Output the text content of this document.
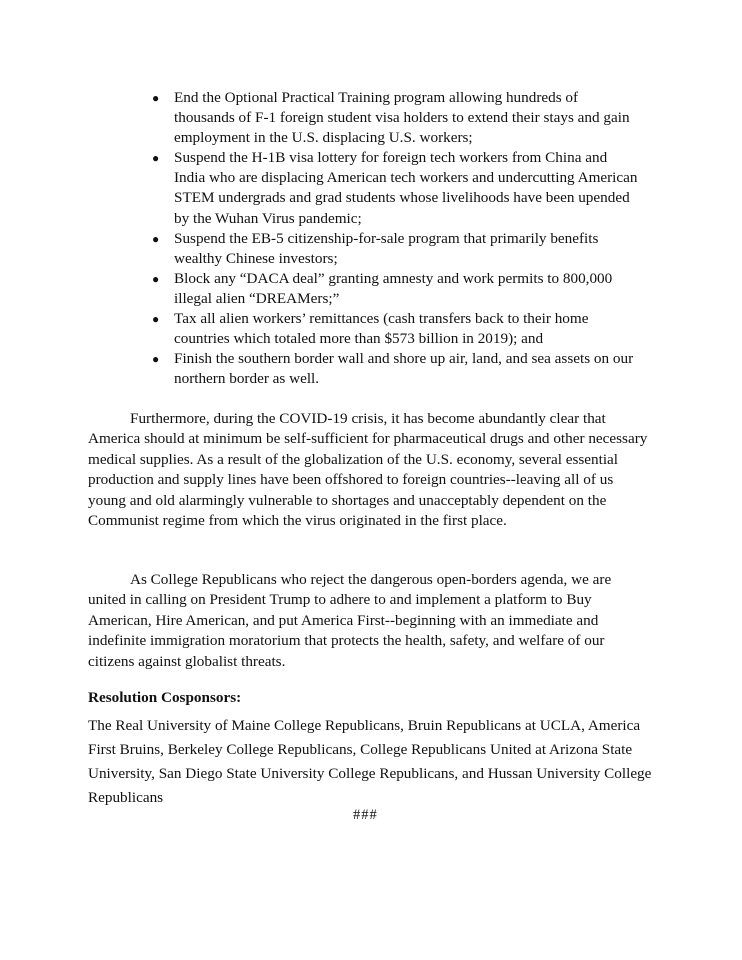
● End the Optional Practical Training program allowing hundreds of thousands of F-1 foreign student visa holders to extend their stays and gain employment in the U.S. displacing U.S. workers;
● Suspend the H-1B visa lottery for foreign tech workers from China and India who are displacing American tech workers and undercutting American STEM undergrads and grad students whose livelihoods have been upended by the Wuhan Virus pandemic;
● Suspend the EB-5 citizenship-for-sale program that primarily benefits wealthy Chinese investors;
● Block any “DACA deal” granting amnesty and work permits to 800,000 illegal alien “DREAMers;”
● Tax all alien workers’ remittances (cash transfers back to their home countries which totaled more than $573 billion in 2019); and
● Finish the southern border wall and shore up air, land, and sea assets on our northern border as well.

Furthermore, during the COVID-19 crisis, it has become abundantly clear that America should at minimum be self-sufficient for pharmaceutical drugs and other necessary medical supplies. As a result of the globalization of the U.S. economy, several essential production and supply lines have been offshored to foreign countries--leaving all of us young and old alarmingly vulnerable to shortages and unacceptably dependent on the Communist regime from which the virus originated in the first place.

As College Republicans who reject the dangerous open-borders agenda, we are united in calling on President Trump to adhere to and implement a platform to Buy American, Hire American, and put America First--beginning with an immediate and indefinite immigration moratorium that protects the health, safety, and welfare of our citizens against globalist threats.

Resolution Cosponsors:

The Real University of Maine College Republicans, Bruin Republicans at UCLA, America First Bruins, Berkeley College Republicans, College Republicans United at Arizona State University, San Diego State University College Republicans, and Hussan University College Republicans

###
